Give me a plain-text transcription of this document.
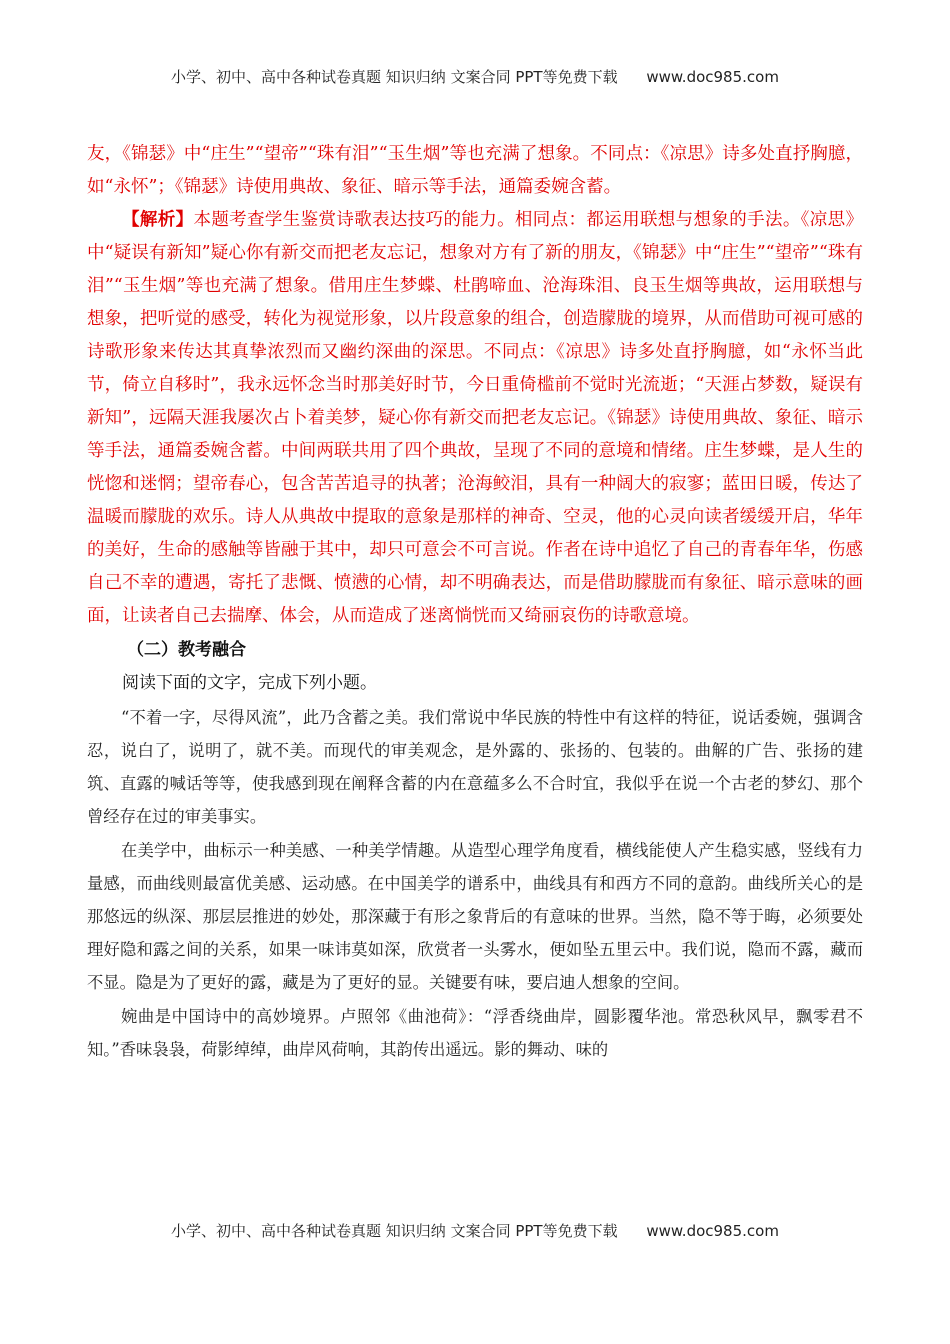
小学、初中、高中各种试卷真题 知识归纳 文案合同 PPT等免费下载 www.doc985.com

友，《锦瑟》中“庄生”“望帝”“珠有泪”“玉生烟”等也充满了想象。不同点：《凉思》诗多处直抒胸臆，如“永怀”；《锦瑟》诗使用典故、象征、暗示等手法，通篇委婉含蓄。

【解析】本题考查学生鉴赏诗歌表达技巧的能力。相同点：都运用联想与想象的手法。《凉思》中“疑误有新知”疑心你有新交而把老友忘记，想象对方有了新的朋友，《锦瑟》中“庄生”“望帝”“珠有泪”“玉生烟”等也充满了想象。借用庄生梦蝶、杜鹃啼血、沧海珠泪、良玉生烟等典故，运用联想与想象，把听觉的感受，转化为视觉形象，以片段意象的组合，创造朦胧的境界，从而借助可视可感的诗歌形象来传达其真挚浓烈而又幽约深曲的深思。不同点：《凉思》诗多处直抒胸臆，如“永怀当此节，倚立自移时”，我永远怀念当时那美好时节，今日重倚槛前不觉时光流逝；“天涯占梦数，疑误有新知”，远隔天涯我屡次占卜着美梦，疑心你有新交而把老友忘记。《锦瑟》诗使用典故、象征、暗示等手法，通篇委婉含蓄。中间两联共用了四个典故，呈现了不同的意境和情绪。庄生梦蝶，是人生的恍惚和迷惘；望帝春心，包含苦苦追寻的执著；沧海鲛泪，具有一种阔大的寂寥；蓝田日暖，传达了温暖而朦胧的欢乐。诗人从典故中提取的意象是那样的神奇、空灵，他的心灵向读者缓缓开启，华年的美好，生命的感触等皆融于其中，却只可意会不可言说。作者在诗中追忆了自己的青春年华，伤感自己不幸的遭遇，寄托了悲慨、愤懑的心情，却不明确表达，而是借助朦胧而有象征、暗示意味的画面，让读者自己去揣摩、体会，从而造成了迷离惝恍而又绮丽哀伤的诗歌意境。

（二）教考融合

阅读下面的文字，完成下列小题。

“不着一字，尽得风流”，此乃含蓄之美。我们常说中华民族的特性中有这样的特征，说话委婉，强调含忍，说白了，说明了，就不美。而现代的审美观念，是外露的、张扬的、包装的。曲解的广告、张扬的建筑、直露的喊话等等，使我感到现在阐释含蓄的内在意蕴多么不合时宜，我似乎在说一个古老的梦幻、那个曾经存在过的审美事实。

在美学中，曲标示一种美感、一种美学情趣。从造型心理学角度看，横线能使人产生稳实感，竖线有力量感，而曲线则最富优美感、运动感。在中国美学的谱系中，曲线具有和西方不同的意韵。曲线所关心的是那悠远的纵深、那层层推进的妙处，那深藏于有形之象背后的有意味的世界。当然，隐不等于晦，必须要处理好隐和露之间的关系，如果一味讳莫如深，欣赏者一头雾水，便如坠五里云中。我们说，隐而不露，藏而不显。隐是为了更好的露，藏是为了更好的显。关键要有味，要启迪人想象的空间。

婉曲是中国诗中的高妙境界。卢照邻《曲池荷》：“浮香绕曲岸，圆影覆华池。常恐秋风早，飘零君不知。”香味袅袅，荷影绰绰，曲岸风荷响，其韵传出遥远。影的舞动、味的

小学、初中、高中各种试卷真题 知识归纳 文案合同 PPT等免费下载 www.doc985.com
